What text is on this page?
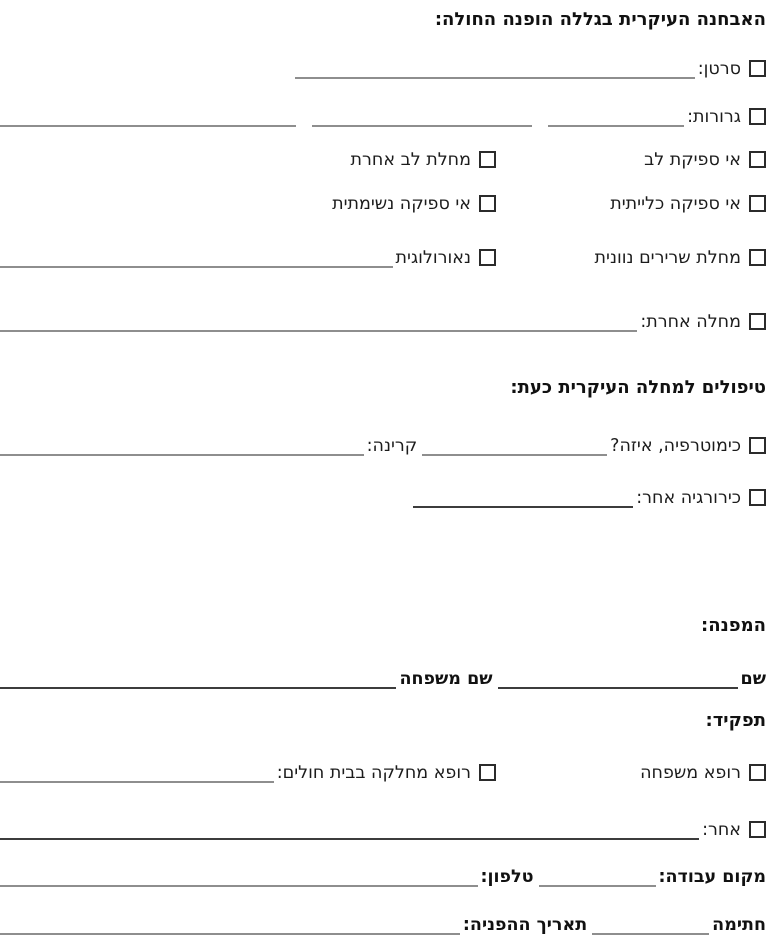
האבחנה העיקרית בגללה הופנה החולה:
סרטן:
גרורות:
אי ספיקת לב
מחלת לב אחרת
אי ספיקה כלייתית
אי ספיקה נשימתית
מחלת שרירים נוונית
נאורולוגית
מחלה אחרת:
טיפולים למחלה העיקרית כעת:
כימוטרפיה, איזה?
קרינה:
כירורגיה אחר:
המפנה:
שם
שם משפחה
תפקיד:
רופא משפחה
רופא מחלקה בבית חולים:
אחר:
מקום עבודה:
טלפון:
חתימה
תאריך ההפניה:
